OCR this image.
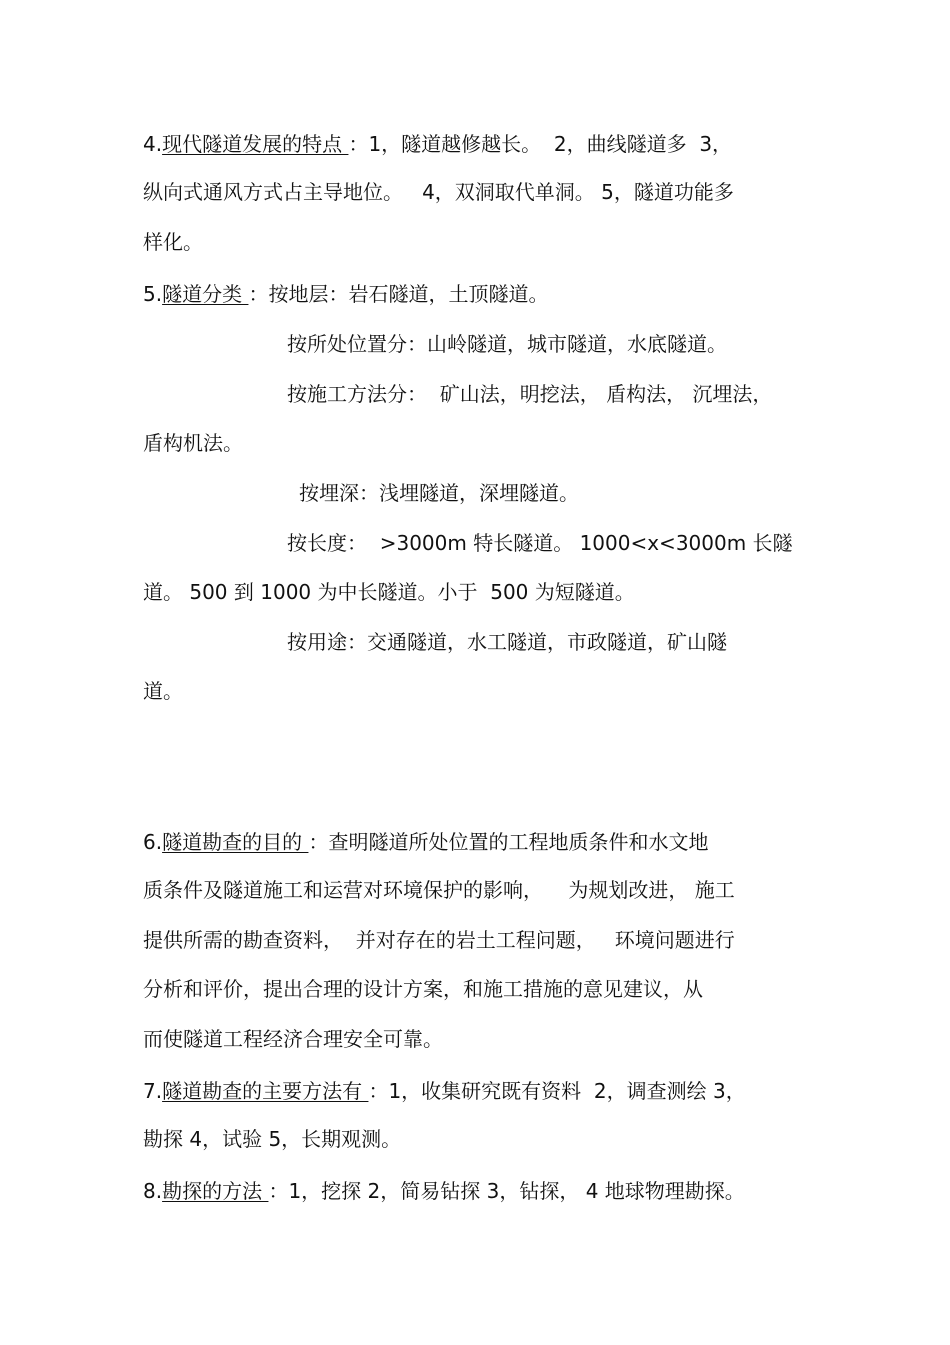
4.现代隧道发展的特点 ：1，隧道越修越长。  2，曲线隧道多  3，
纵向式通风方式占主导地位。   4，双洞取代单洞。 5，隧道功能多
样化。
5.隧道分类 ：按地层：岩石隧道，土顶隧道。
按所处位置分：山岭隧道，城市隧道，水底隧道。
按施工方法分：  矿山法，明挖法， 盾构法， 沉埋法，
盾构机法。
按埋深：浅埋隧道，深埋隧道。
按长度：  >3000m 特长隧道。 1000<x<3000m 长隧
道。 500 到 1000 为中长隧道。小于  500 为短隧道。
按用途：交通隧道，水工隧道，市政隧道，矿山隧
道。
6.隧道勘查的目的 ：查明隧道所处位置的工程地质条件和水文地
质条件及隧道施工和运营对环境保护的影响，    为规划改进， 施工
提供所需的勘查资料，  并对存在的岩土工程问题，   环境问题进行
分析和评价，提出合理的设计方案，和施工措施的意见建议，从
而使隧道工程经济合理安全可靠。
7.隧道勘查的主要方法有 ：1，收集研究既有资料  2，调查测绘 3，
勘探 4，试验 5，长期观测。
8.勘探的方法 ：1，挖探 2，简易钻探 3，钻探， 4 地球物理勘探。
